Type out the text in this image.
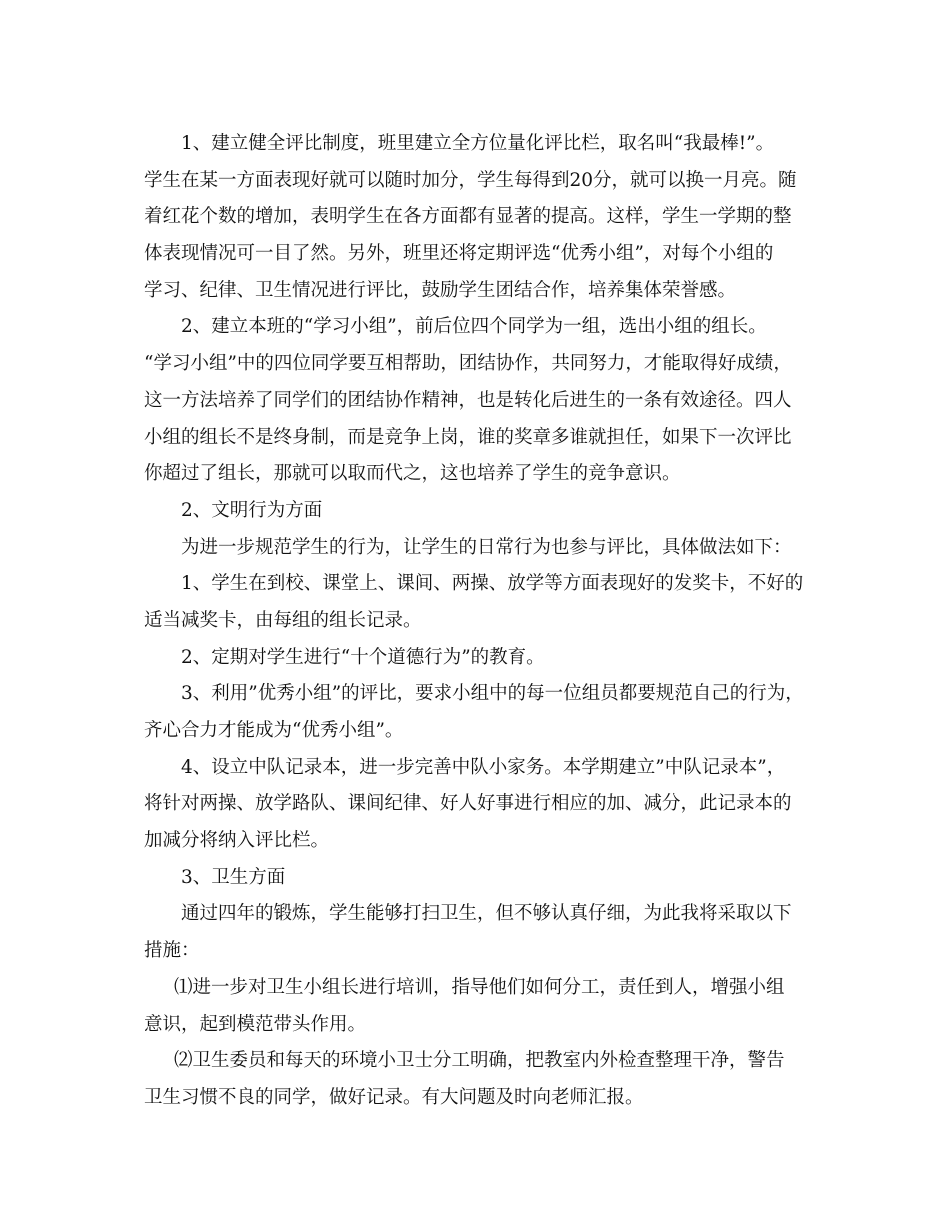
1、建立健全评比制度，班里建立全方位量化评比栏，取名叫“我最棒!”。
学生在某一方面表现好就可以随时加分，学生每得到20分，就可以换一月亮。随
着红花个数的增加，表明学生在各方面都有显著的提高。这样，学生一学期的整
体表现情况可一目了然。另外，班里还将定期评选“优秀小组”，对每个小组的
学习、纪律、卫生情况进行评比，鼓励学生团结合作，培养集体荣誉感。
2、建立本班的“学习小组”，前后位四个同学为一组，选出小组的组长。
“学习小组”中的四位同学要互相帮助，团结协作，共同努力，才能取得好成绩，
这一方法培养了同学们的团结协作精神，也是转化后进生的一条有效途径。四人
小组的组长不是终身制，而是竞争上岗，谁的奖章多谁就担任，如果下一次评比
你超过了组长，那就可以取而代之，这也培养了学生的竞争意识。
2、文明行为方面
为进一步规范学生的行为，让学生的日常行为也参与评比，具体做法如下：
1、学生在到校、课堂上、课间、两操、放学等方面表现好的发奖卡，不好的
适当减奖卡，由每组的组长记录。
2、定期对学生进行“十个道德行为”的教育。
3、利用”优秀小组”的评比，要求小组中的每一位组员都要规范自己的行为，
齐心合力才能成为“优秀小组”。
4、设立中队记录本，进一步完善中队小家务。本学期建立”中队记录本”，
将针对两操、放学路队、课间纪律、好人好事进行相应的加、减分，此记录本的
加减分将纳入评比栏。
3、卫生方面
通过四年的锻炼，学生能够打扫卫生，但不够认真仔细，为此我将采取以下
措施：
⑴进一步对卫生小组长进行培训，指导他们如何分工，责任到人，增强小组
意识，起到模范带头作用。
⑵卫生委员和每天的环境小卫士分工明确，把教室内外检查整理干净，警告
卫生习惯不良的同学，做好记录。有大问题及时向老师汇报。
